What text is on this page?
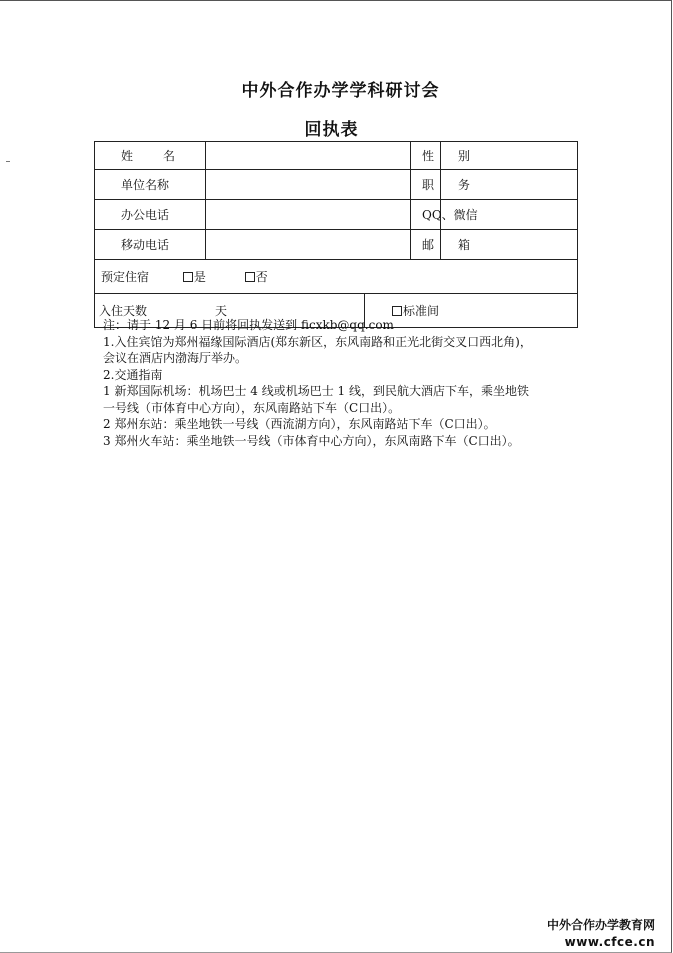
中外合作办学学科研讨会
回执表
姓 名			性 别	
单位名称			职 务	
办公电话			QQ、微信	
移动电话			邮 箱	
预定住宿 是 否				
入住天数 天		标准间		

注：请于 12 月 6 日前将回执发送到 ficxkb@qq.com

1.入住宾馆为郑州福缘国际酒店(郑东新区，东风南路和正光北街交叉口西北角)，

会议在酒店内渤海厅举办。

2.交通指南

1 新郑国际机场：机场巴士 4 线或机场巴士 1 线，到民航大酒店下车，乘坐地铁

一号线（市体育中心方向），东风南路站下车（C口出）。

2 郑州东站：乘坐地铁一号线（西流湖方向），东风南路站下车（C口出）。

3 郑州火车站：乘坐地铁一号线（市体育中心方向），东风南路下车（C口出）。

中外合作办学教育网
www.cfce.cn
